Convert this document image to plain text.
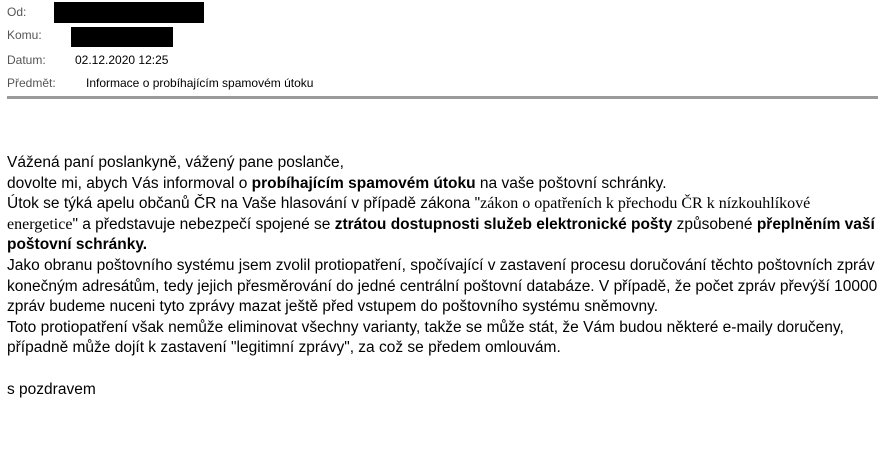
Od:
Komu:
Datum: 02.12.2020 12:25
Předmět:	Informace o probíhajícím spamovém útoku

Vážená paní poslankyně, vážený pane poslanče,

dovolte mi, abych Vás informoval o probíhajícím spamovém útoku na vaše poštovní schránky.

Útok se týká apelu občanů ČR na Vaše hlasování v případě zákona "zákon o opatřeních k přechodu ČR k nízkouhlíkové energetice" a představuje nebezpečí spojené se ztrátou dostupnosti služeb elektronické pošty způsobené přeplněním vaší poštovní schránky.

Jako obranu poštovního systému jsem zvolil protiopatření, spočívající v zastavení procesu doručování těchto poštovních zpráv konečným adresátům, tedy jejich přesměrování do jedné centrální poštovní databáze. V případě, že počet zpráv převýší 10000 zpráv budeme nuceni tyto zprávy mazat ještě před vstupem do poštovního systému sněmovny.

Toto protiopatření však nemůže eliminovat všechny varianty, takže se může stát, že Vám budou některé e-maily doručeny, případně může dojít k zastavení "legitimní zprávy", za což se předem omlouvám.

s pozdravem
